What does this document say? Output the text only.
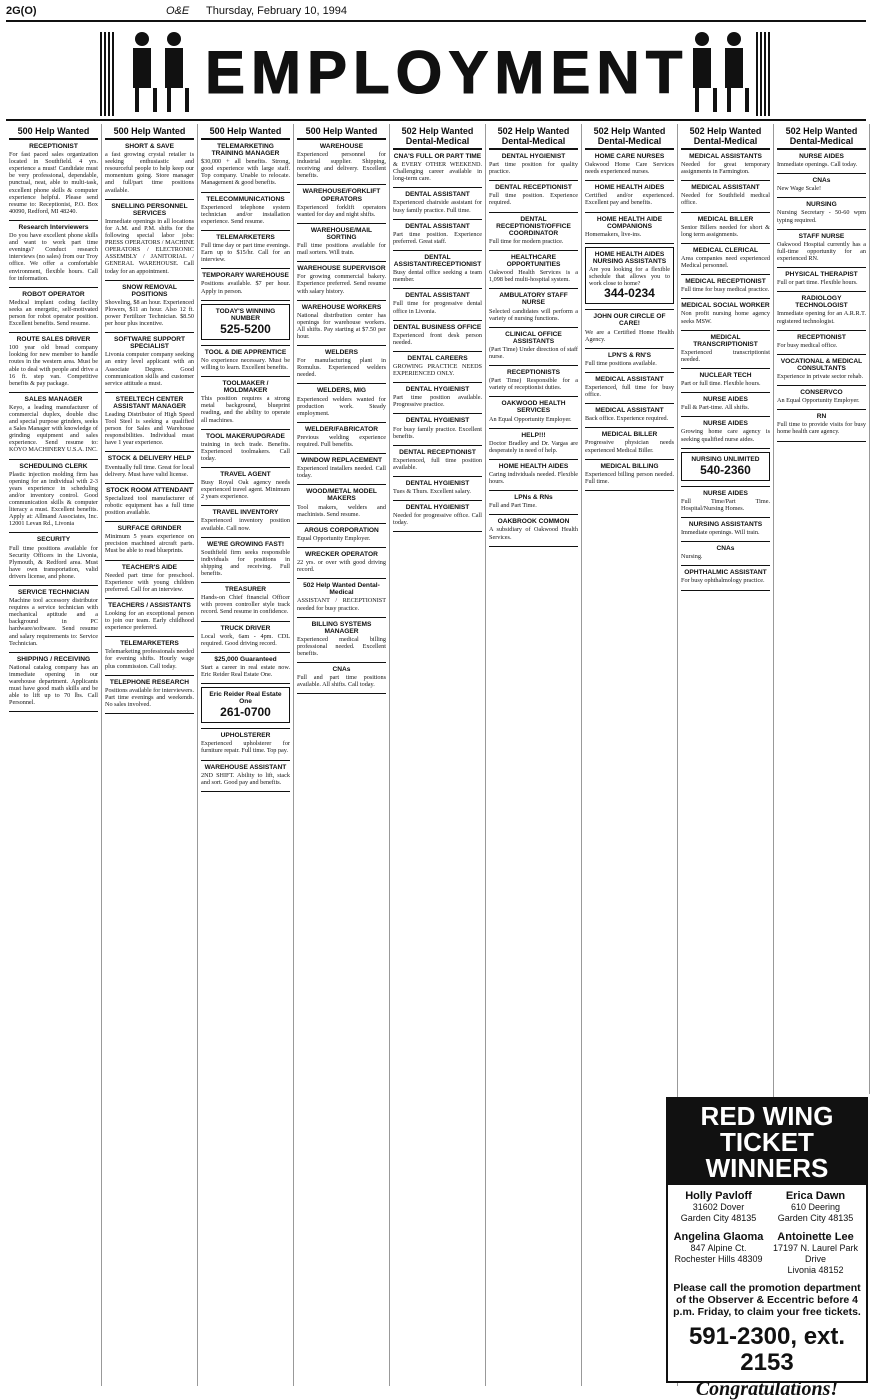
2G(O)	O&E Thursday, February 10, 1994
EMPLOYMENT
500 Help Wanted
RECEPTIONIST
For fast paced sales organization located in Southfield. 4 yrs. experience a must! Candidate must be very professional, dependable, punctual, neat, able to multi-task, excellent phone skills & computer experience helpful. Please send resume to: Receptionist, P.O. Box 40090, Redford, MI 48240.
Research Interviewers
Do you have excellent phone skills and want to work part time evenings? Conduct research interviews (no sales) from our Troy office. We offer a comfortable environment, flexible hours. Call for information.
ROBOT OPERATOR
Medical implant coding facility seeks an energetic, self-motivated person for robot operator position. Excellent benefits. Send resume.
ROUTE SALES DRIVER
100 year old bread company looking for new member to handle routes in the western area. Must be able to deal with people and drive a 16 ft. step van. Competitive benefits & pay package.
SALES MANAGER
Keyo, a leading manufacturer of commercial duplex, double disc and special purpose grinders, seeks a Sales Manager with knowledge of grinding equipment and sales experience. Send resume to: KOYO MACHINERY U.S.A. INC.
SCHEDULING CLERK
Plastic injection molding firm has opening for an individual with 2-3 years experience in scheduling and/or inventory control. Good communication skills & computer literacy a must. Excellent benefits. Apply at: Allmand Associates, Inc. 12001 Levan Rd., Livonia
SECURITY
Full time positions available for Security Officers in the Livonia, Plymouth, & Redford area. Must have own transportation, valid drivers license, and phone.
SERVICE TECHNICIAN
Machine tool accessory distributor requires a service technician with mechanical aptitude and a background in PC hardware/software. Send resume and salary requirements to: Service Technician.
SHIPPING / RECEIVING
National catalog company has an immediate opening in our warehouse department. Applicants must have good math skills and be able to lift up to 70 lbs. Call Personnel.
500 Help Wanted
SHORT & SAVE
a fast growing crystal retailer is seeking enthusiastic and resourceful people to help keep our momentum going. Store manager and full/part time positions available.
SNELLING PERSONNEL SERVICES
Immediate openings in all locations for A.M. and P.M. shifts for the following special labor jobs: PRESS OPERATORS / MACHINE OPERATORS / ELECTRONIC ASSEMBLY / JANITORIAL / GENERAL WAREHOUSE. Call today for an appointment.
SNOW REMOVAL POSITIONS
Shoveling, $8 an hour. Experienced Plowers, $11 an hour. Also 12 ft. power Fertilizer Technician. $8.50 per hour plus incentive.
SOFTWARE SUPPORT SPECIALIST
Livonia computer company seeking an entry level applicant with an Associate Degree. Good communication skills and customer service attitude a must.
STEELTECH CENTER ASSISTANT MANAGER
Leading Distributor of High Speed Tool Steel is seeking a qualified person for Sales and Warehouse responsibilities. Individual must have 1 year experience.
STOCK & DELIVERY HELP
Eventually full time. Great for local delivery. Must have valid license.
STOCK ROOM ATTENDANT
Specialized tool manufacturer of robotic equipment has a full time position available.
SURFACE GRINDER
Minimum 5 years experience on precision machined aircraft parts. Must be able to read blueprints.
TEACHER'S AIDE
Needed part time for preschool. Experience with young children preferred. Call for an interview.
TEACHERS / ASSISTANTS
Looking for an exceptional person to join our team. Early childhood experience preferred.
TELEMARKETERS
Telemarketing professionals needed for evening shifts. Hourly wage plus commission. Call today.
TELEPHONE RESEARCH
Positions available for interviewers. Part time evenings and weekends. No sales involved.
500 Help Wanted
TELEMARKETING TRAINING MANAGER
$30,000 + all benefits. Strong, good experience with large staff. Top company. Unable to relocate. Management & good benefits.
TELECOMMUNICATIONS
Experienced telephone system technician and/or installation experience. Send resume.
TELEMARKETERS
Full time day or part time evenings. Earn up to $15/hr. Call for an interview.
TEMPORARY WAREHOUSE
Positions available. $7 per hour. Apply in person.
TODAY'S WINNING NUMBER
525-5200
TOOL & DIE APPRENTICE
No experience necessary. Must be willing to learn. Excellent benefits.
TOOLMAKER / MOLDMAKER
This position requires a strong metal background, blueprint reading, and the ability to operate all machines.
TOOL MAKER/UPGRADE
training in tech trade. Benefits. Experienced toolmakers. Call today.
TRAVEL AGENT
Busy Royal Oak agency needs experienced travel agent. Minimum 2 years experience.
TRAVEL INVENTORY
Experienced inventory position available. Call now.
WE'RE GROWING FAST!
Southfield firm seeks responsible individuals for positions in shipping and receiving. Full benefits.
TREASURER
Hands-on Chief financial Officer with proven controller style track record. Send resume in confidence.
TRUCK DRIVER
Local work, 6am - 4pm. CDL required. Good driving record.
$25,000 Guaranteed
Start a career in real estate now. Eric Reider Real Estate One.
Eric Reider Real Estate One
261-0700
UPHOLSTERER
Experienced upholsterer for furniture repair. Full time. Top pay.
WAREHOUSE ASSISTANT
2ND SHIFT. Ability to lift, stack and sort. Good pay and benefits.
500 Help Wanted
WAREHOUSE
Experienced personnel for industrial supplier. Shipping, receiving and delivery. Excellent benefits.
WAREHOUSE/FORKLIFT OPERATORS
Experienced forklift operators wanted for day and night shifts.
WAREHOUSE/MAIL SORTING
Full time positions available for mail sorters. Will train.
WAREHOUSE SUPERVISOR
For growing commercial bakery. Experience preferred. Send resume with salary history.
WAREHOUSE WORKERS
National distribution center has openings for warehouse workers. All shifts. Pay starting at $7.50 per hour.
WELDERS
For manufacturing plant in Romulus. Experienced welders needed.
WELDERS, MIG
Experienced welders wanted for production work. Steady employment.
WELDER/FABRICATOR
Previous welding experience required. Full benefits.
WINDOW REPLACEMENT
Experienced installers needed. Call today.
WOOD/METAL MODEL MAKERS
Tool makers, welders and machinists. Send resume.
ARGUS CORPORATION
Equal Opportunity Employer.
WRECKER OPERATOR
22 yrs. or over with good driving record.
502 Help Wanted Dental-Medical
ASSISTANT / RECEPTIONIST needed for busy practice.
BILLING SYSTEMS MANAGER
Experienced medical billing professional needed. Excellent benefits.
CNAs
Full and part time positions available. All shifts. Call today.
502 Help Wanted Dental-Medical
CNA'S FULL OR PART TIME
& EVERY OTHER WEEKEND. Challenging career available in long-term care.
DENTAL ASSISTANT
Experienced chairside assistant for busy family practice. Full time.
DENTAL ASSISTANT
Part time position. Experience preferred. Great staff.
DENTAL ASSISTANT/RECEPTIONIST
Busy dental office seeking a team member.
DENTAL ASSISTANT
Full time for progressive dental office in Livonia.
DENTAL BUSINESS OFFICE
Experienced front desk person needed.
DENTAL CAREERS
GROWING PRACTICE NEEDS EXPERIENCED ONLY.
DENTAL HYGIENIST
Part time position available. Progressive practice.
DENTAL HYGIENIST
For busy family practice. Excellent benefits.
DENTAL RECEPTIONIST
Experienced, full time position available.
DENTAL HYGIENIST
Tues & Thurs. Excellent salary.
DENTAL HYGIENIST
Needed for progressive office. Call today.
502 Help Wanted Dental-Medical
DENTAL HYGIENIST
Part time position for quality practice.
DENTAL RECEPTIONIST
Full time position. Experience required.
DENTAL RECEPTIONIST/OFFICE COORDINATOR
Full time for modern practice.
HEALTHCARE OPPORTUNITIES
Oakwood Health Services is a 1,098 bed multi-hospital system.
AMBULATORY STAFF NURSE
Selected candidates will perform a variety of nursing functions.
CLINICAL OFFICE ASSISTANTS
(Part Time) Under direction of staff nurse.
RECEPTIONISTS
(Part Time) Responsible for a variety of receptionist duties.
OAKWOOD HEALTH SERVICES
An Equal Opportunity Employer.
HELP!!!
Doctor Bradley and Dr. Vargas are desperately in need of help.
HOME HEALTH AIDES
Caring individuals needed. Flexible hours.
LPNs & RNs
Full and Part Time.
OAKBROOK COMMON
A subsidiary of Oakwood Health Services.
502 Help Wanted Dental-Medical
HOME CARE NURSES
Oakwood Home Care Services needs experienced nurses.
HOME HEALTH AIDES
Certified and/or experienced. Excellent pay and benefits.
HOME HEALTH AIDE COMPANIONS
Homemakers, live-ins.
HOME HEALTH AIDES NURSING ASSISTANTS
Are you looking for a flexible schedule that allows you to work close to home?
344-0234
JOHN OUR CIRCLE OF CARE!
We are a Certified Home Health Agency.
LPN'S & RN'S
Full time positions available.
MEDICAL ASSISTANT
Experienced, full time for busy office.
MEDICAL ASSISTANT
Back office. Experience required.
MEDICAL BILLER
Progressive physician needs experienced Medical Biller.
MEDICAL BILLING
Experienced billing person needed. Full time.
502 Help Wanted Dental-Medical
MEDICAL ASSISTANTS
Needed for great temporary assignments in Farmington.
MEDICAL ASSISTANT
Needed for Southfield medical office.
MEDICAL BILLER
Senior Billers needed for short & long term assignments.
MEDICAL CLERICAL
Area companies need experienced Medical personnel.
MEDICAL RECEPTIONIST
Full time for busy medical practice.
MEDICAL SOCIAL WORKER
Non profit nursing home agency seeks MSW.
MEDICAL TRANSCRIPTIONIST
Experienced transcriptionist needed.
NUCLEAR TECH
Part or full time. Flexible hours.
NURSE AIDES
Full & Part-time. All shifts.
NURSE AIDES
Growing home care agency is seeking qualified nurse aides.
NURSING UNLIMITED
540-2360
NURSE AIDES
Full Time/Part Time. Hospital/Nursing Homes.
NURSING ASSISTANTS
Immediate openings. Will train.
CNAs
Nursing.
OPHTHALMIC ASSISTANT
For busy ophthalmology practice.
502 Help Wanted Dental-Medical
NURSE AIDES
Immediate openings. Call today.
CNAs
New Wage Scale!
NURSING
Nursing Secretary - 50-60 wpm typing required.
STAFF NURSE
Oakwood Hospital currently has a full-time opportunity for an experienced RN.
PHYSICAL THERAPIST
Full or part time. Flexible hours.
RADIOLOGY TECHNOLOGIST
Immediate opening for an A.R.R.T. registered technologist.
RECEPTIONIST
For busy medical office.
VOCATIONAL & MEDICAL CONSULTANTS
Experience in private sector rehab.
CONSERVCO
An Equal Opportunity Employer.
RN
Full time to provide visits for busy home health care agency.
RED WING TICKET WINNERS
Holly Pavloff
31602 Dover
Garden City 48135
Erica Dawn
610 Deering
Garden City 48135
Angelina Glaoma
847 Alpine Ct.
Rochester Hills 48309
Antoinette Lee
17197 N. Laurel Park Drive
Livonia 48152
Please call the promotion department of the Observer & Eccentric before 4 p.m. Friday, to claim your free tickets.
591-2300, ext. 2153
Congratulations!
